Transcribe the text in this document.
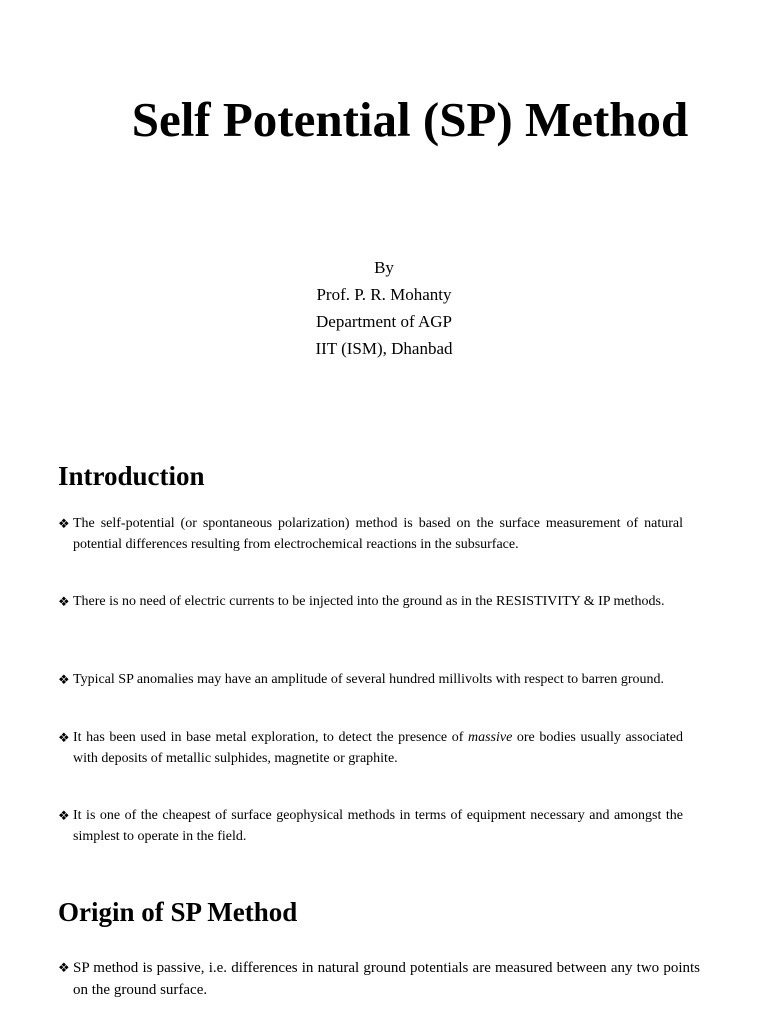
Self Potential (SP) Method
By
Prof. P. R. Mohanty
Department of AGP
IIT (ISM), Dhanbad
Introduction
❖ The self-potential (or spontaneous polarization) method is based on the surface measurement of natural potential differences resulting from electrochemical reactions in the subsurface.
❖ There is no need of electric currents to be injected into the ground as in the RESISTIVITY & IP methods.
❖ Typical SP anomalies may have an amplitude of several hundred millivolts with respect to barren ground.
❖ It has been used in base metal exploration, to detect the presence of massive ore bodies usually associated with deposits of metallic sulphides, magnetite or graphite.
❖ It is one of the cheapest of surface geophysical methods in terms of equipment necessary and amongst the simplest to operate in the field.
Origin of SP Method
❖ SP method is passive, i.e. differences in natural ground potentials are measured between any two points on the ground surface.
